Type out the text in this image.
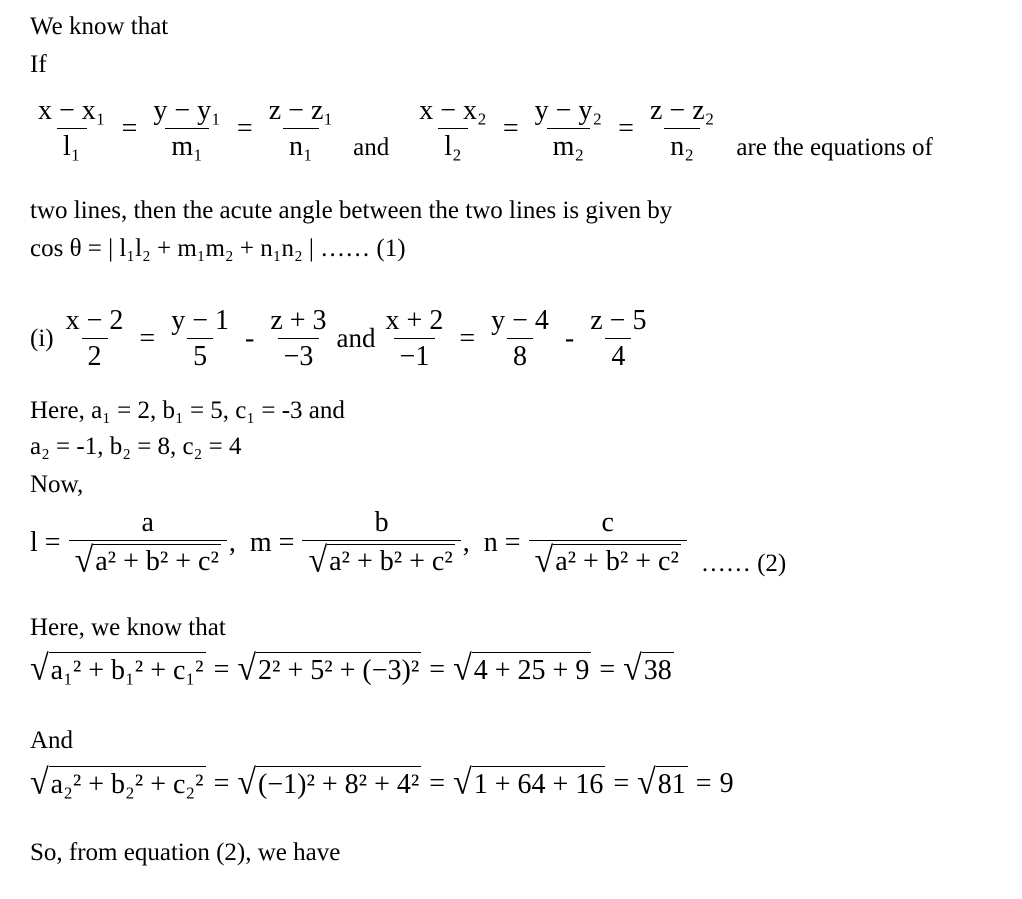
We know that
If
$\frac{\text{x − x₁}}{\text{l₁}} = \frac{\text{y − y₁}}{\text{m₁}} = \frac{\text{z − z₁}}{\text{n₁}}$ and $\frac{\text{x − x₂}}{\text{l₂}} = \frac{\text{y − y₂}}{\text{m₂}} = \frac{\text{z − z₂}}{\text{n₂}}$ are the equations of
two lines, then the acute angle between the two lines is given by
cos θ = | l₁l₂ + m₁m₂ + n₁n₂ | …… (1)
$(i) \frac{x - 2}{2} = \frac{y - 1}{5} - \frac{z + 3}{-3}$ and $\frac{x + 2}{-1} = \frac{y - 4}{8} - \frac{z - 5}{4}$
Here, a₁ = 2, b₁ = 5, c₁ = -3 and
a₂ = -1, b₂ = 8, c₂ = 4
Now,
$l = \frac{a}{\text{√ a² + b² + c²}}$ , $m = \frac{b}{\text{√ a² + b² + c²}}$ , $n = \frac{c}{\text{√ a² + b² + c²}}$ …… (2)
Here, we know that
√ a₁² + b₁² + c₁² = √ 2² + 5² + (−3)² = √ 4 + 25 + 9 = √ 38
And
√ a₂² + b₂² + c₂² = √ (−1)² + 8² + 4² = √ 1 + 64 + 16 = √ 81 = 9
So, from equation (2), we have
